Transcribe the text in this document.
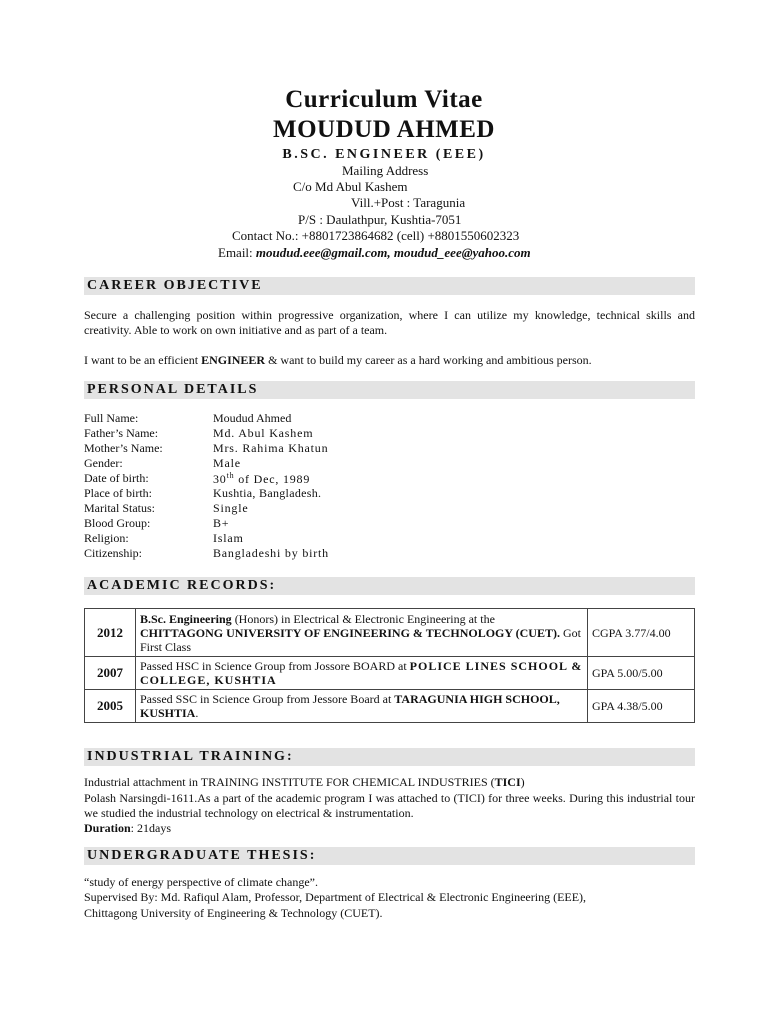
Curriculum Vitae
MOUDUD AHMED
B.SC. ENGINEER (EEE)
Mailing Address
C/o Md Abul Kashem
Vill.+Post : Taragunia
P/S : Daulathpur, Kushtia-7051
Contact No.: +8801723864682 (cell) +8801550602323
Email: moudud.eee@gmail.com, moudud_eee@yahoo.com
CAREER OBJECTIVE
Secure a challenging position within progressive organization, where I can utilize my knowledge, technical skills and creativity. Able to work on own initiative and as part of a team.
I want to be an efficient ENGINEER & want to build my career as a hard working and ambitious person.
PERSONAL DETAILS
Full Name:	Moudud Ahmed
Father’s Name:	Md. Abul Kashem
Mother’s Name:	Mrs. Rahima Khatun
Gender:	Male
Date of birth:	30th of Dec, 1989
Place of birth:	Kushtia, Bangladesh.
Marital Status:	Single
Blood Group:	B+
Religion:	Islam
Citizenship:	Bangladeshi by birth
ACADEMIC RECORDS:
2012	B.Sc. Engineering (Honors) in Electrical & Electronic Engineering at the
CHITTAGONG UNIVERSITY OF ENGINEERING & TECHNOLOGY (CUET). Got First Class	CGPA 3.77/4.00
2007	Passed HSC in Science Group from Jossore BOARD at POLICE LINES SCHOOL & COLLEGE, KUSHTIA	GPA 5.00/5.00
2005	Passed SSC in Science Group from Jessore Board at TARAGUNIA HIGH SCHOOL, KUSHTIA.	GPA 4.38/5.00
INDUSTRIAL TRAINING:
Industrial attachment in TRAINING INSTITUTE FOR CHEMICAL INDUSTRIES (TICI)
Polash Narsingdi-1611.As a part of the academic program I was attached to (TICI) for three weeks. During this industrial tour we studied the industrial technology on electrical & instrumentation.
Duration: 21days
UNDERGRADUATE THESIS:
“study of energy perspective of climate change”.
Supervised By: Md. Rafiqul Alam, Professor, Department of Electrical & Electronic Engineering (EEE),
Chittagong University of Engineering & Technology (CUET).
